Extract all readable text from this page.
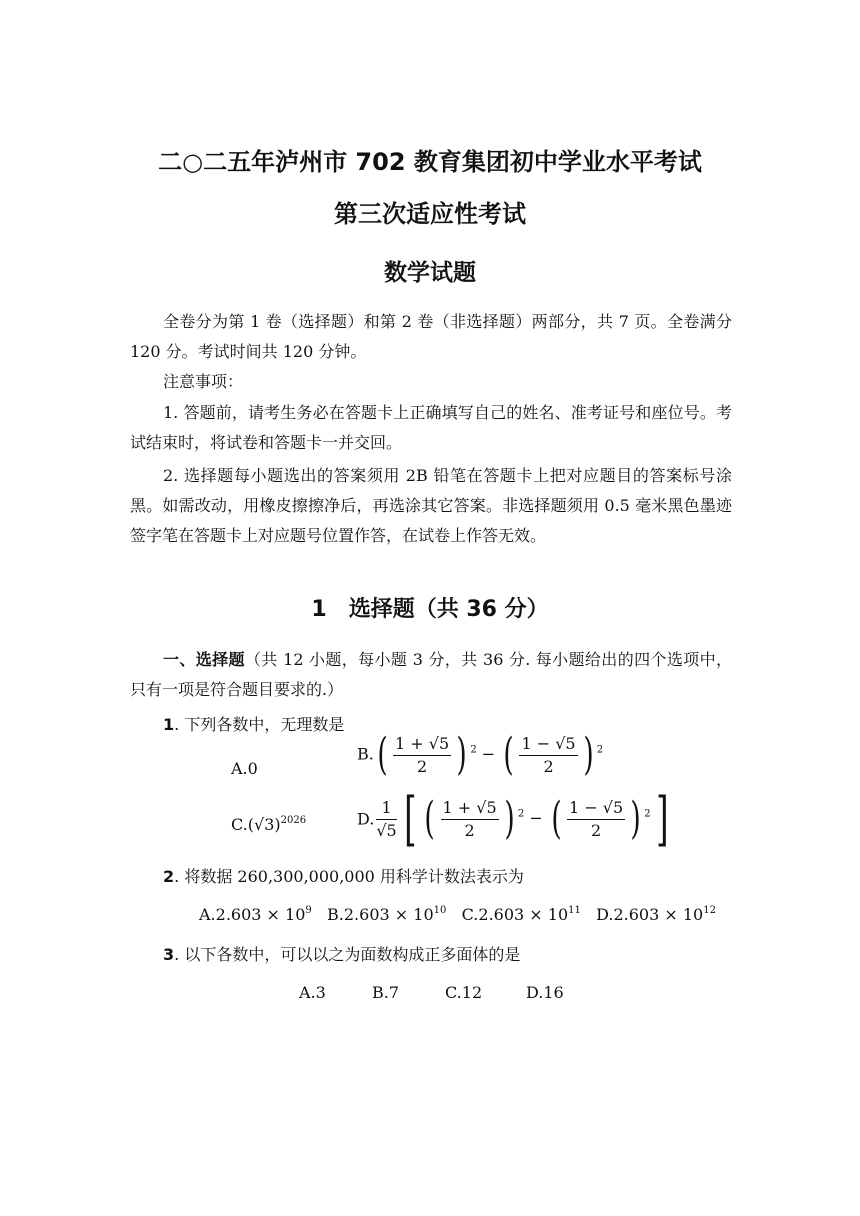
二○二五年泸州市 702 教育集团初中学业水平考试
第三次适应性考试
数学试题
全卷分为第 1 卷（选择题）和第 2 卷（非选择题）两部分，共 7 页。全卷满分 120 分。考试时间共 120 分钟。
注意事项：
1. 答题前，请考生务必在答题卡上正确填写自己的姓名、准考证号和座位号。考试结束时，将试卷和答题卡一并交回。
2. 选择题每小题选出的答案须用 2B 铅笔在答题卡上把对应题目的答案标号涂黑。如需改动，用橡皮擦擦净后，再选涂其它答案。非选择题须用 0.5 毫米黑色墨迹签字笔在答题卡上对应题号位置作答，在试卷上作答无效。
1 选择题（共 36 分）
一、选择题（共 12 小题，每小题 3 分，共 36 分. 每小题给出的四个选项中，只有一项是符合题目要求的.）
1. 下列各数中，无理数是
A.0
$B.( \frac{1 + √5}{2}$ ) $^2$ − ( $\frac{1 - √5}{2}$ ) $^2$
$C.(√3)^{2026}$	D. $\frac{1}{√5}$ [ ( $\frac{1 + √5}{2}$ ) $^2$ − ( $\frac{1 - √5}{2}$ ) $^2$]
2. 将数据 260,300,000,000 用科学计数法表示为
$A.2.603 \times 10^9$ $B.2.603 \times 10^{10}$ $C.2.603 \times 10^{11}$ $D.2.603 \times 10^{12}$
3. 以下各数中，可以以之为面数构成正多面体的是
A.3	B.7	C.12	D.16
